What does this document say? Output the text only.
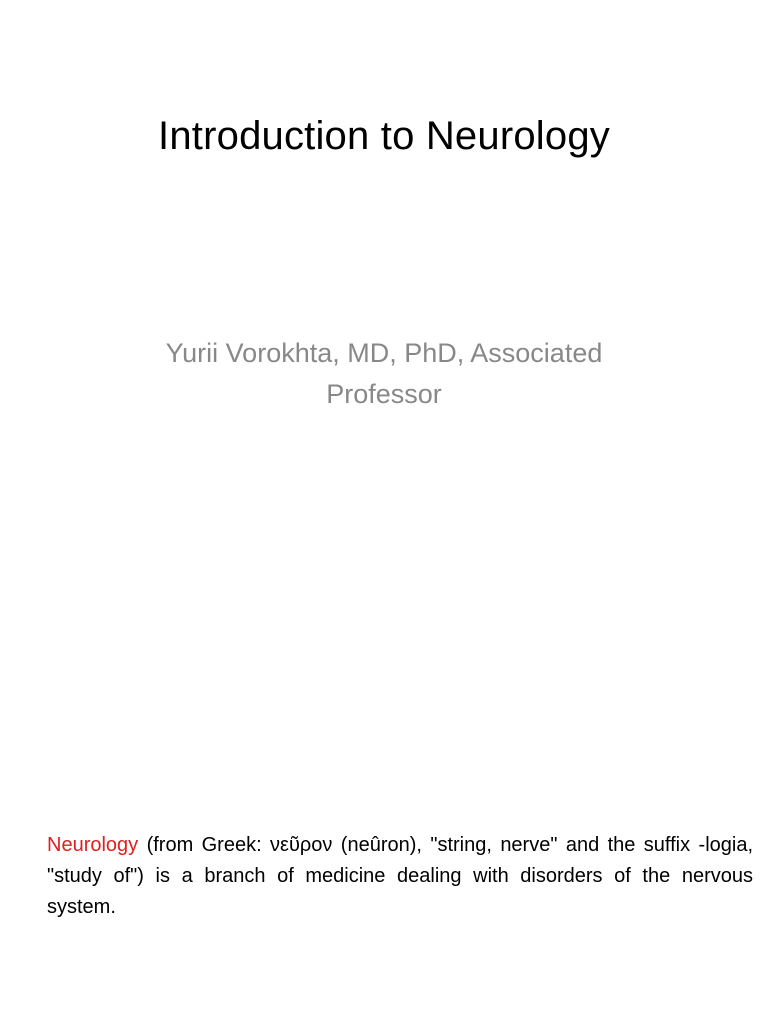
Introduction to Neurology
Yurii Vorokhta, MD, PhD, Associated
Professor

Neurology (from Greek: νεῦρον (neûron), "string, nerve" and the suffix -logia, "study of") is a branch of medicine dealing with disorders of the nervous system.
